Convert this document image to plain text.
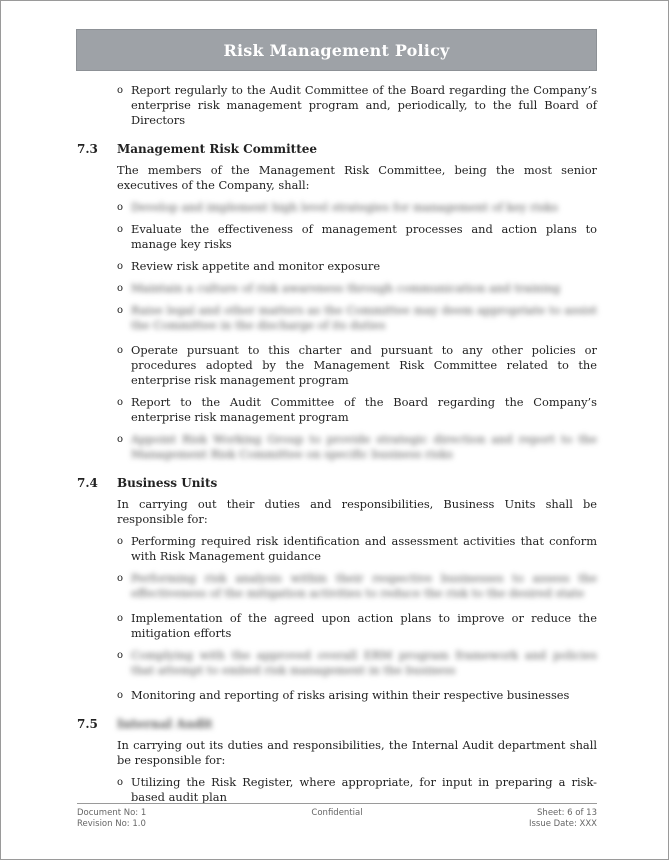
Risk Management Policy
o Report regularly to the Audit Committee of the Board regarding the Company’s enterprise risk management program and, periodically, to the full Board of Directors
7.3	Management Risk Committee
The members of the Management Risk Committee, being the most senior executives of the Company, shall:
o Develop and implement high level strategies for management of key risks
o Evaluate the effectiveness of management processes and action plans to manage key risks
o Review risk appetite and monitor exposure
o Maintain a culture of risk awareness through communication and training
o Raise legal and other matters as the Committee may deem appropriate to assist the Committee in the discharge of its duties
o Operate pursuant to this charter and pursuant to any other policies or procedures adopted by the Management Risk Committee related to the enterprise risk management program
o Report to the Audit Committee of the Board regarding the Company’s enterprise risk management program
o Appoint Risk Working Group to provide strategic direction and report to the Management Risk Committee on specific business risks
7.4	Business Units
In carrying out their duties and responsibilities, Business Units shall be responsible for:
o Performing required risk identification and assessment activities that conform with Risk Management guidance
o Performing risk analysis within their respective businesses to assess the effectiveness of the mitigation activities to reduce the risk to the desired state
o Implementation of the agreed upon action plans to improve or reduce the mitigation efforts
o Complying with the approved overall ERM program framework and policies that attempt to embed risk management in the business
o Monitoring and reporting of risks arising within their respective businesses
7.5	Internal Audit
In carrying out its duties and responsibilities, the Internal Audit department shall be responsible for:
o Utilizing the Risk Register, where appropriate, for input in preparing a risk-based audit plan
Document No: 1	Confidential	Sheet: 6 of 13
Revision No: 1.0	Issue Date: XXX
